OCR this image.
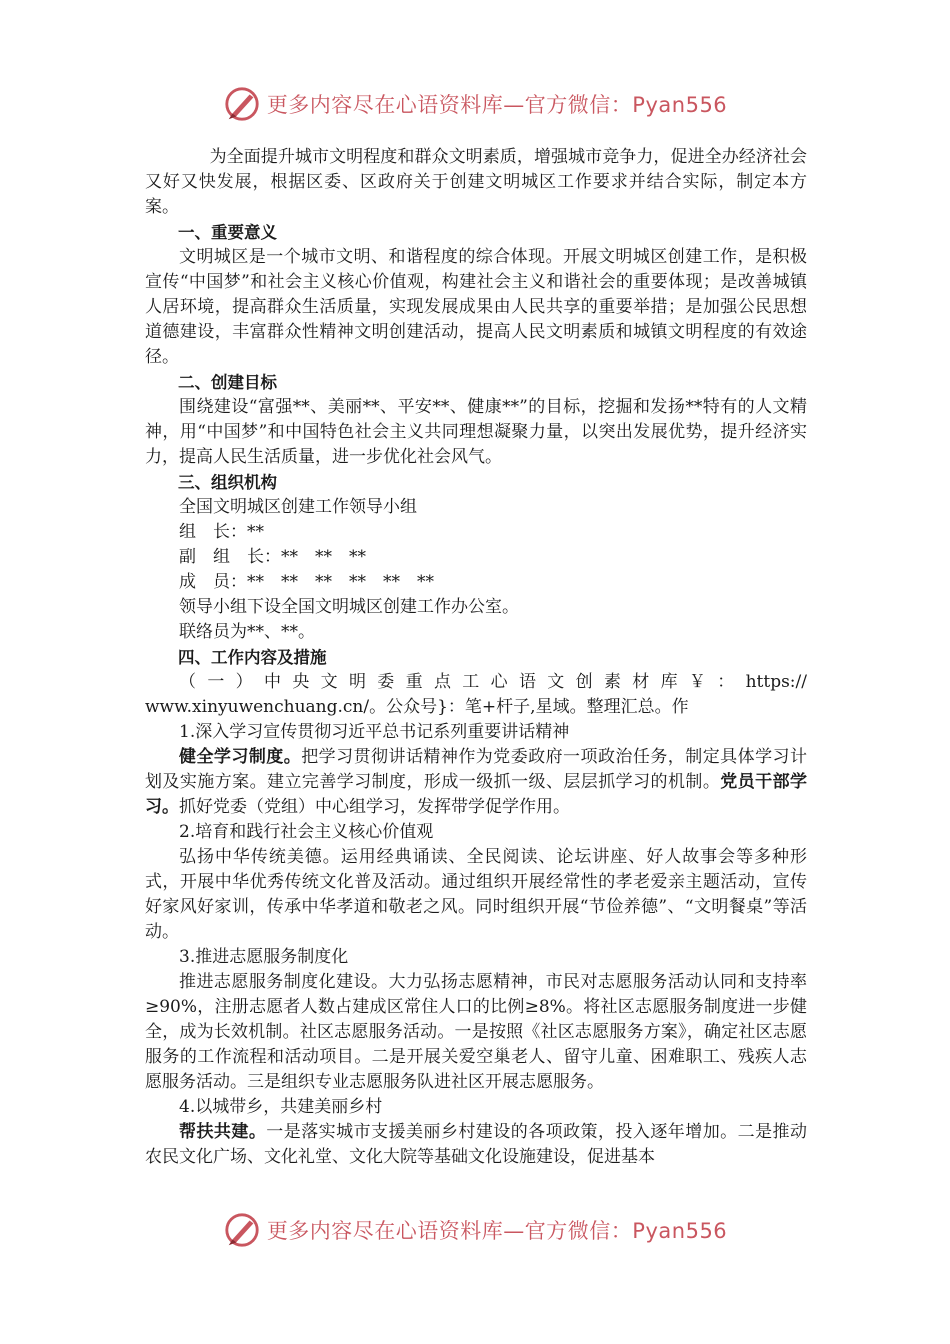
更多内容尽在心语资料库—官方微信：Pyan556

为全面提升城市文明程度和群众文明素质，增强城市竞争力，促进全办经济社会又好又快发展，根据区委、区政府关于创建文明城区工作要求并结合实际，制定本方案。

一、重要意义

文明城区是一个城市文明、和谐程度的综合体现。开展文明城区创建工作，是积极宣传“中国梦”和社会主义核心价值观，构建社会主义和谐社会的重要体现；是改善城镇人居环境，提高群众生活质量，实现发展成果由人民共享的重要举措；是加强公民思想道德建设，丰富群众性精神文明创建活动，提高人民文明素质和城镇文明程度的有效途径。

二、创建目标

围绕建设“富强**、美丽**、平安**、健康**”的目标，挖掘和发扬**特有的人文精神，用“中国梦”和中国特色社会主义共同理想凝聚力量，以突出发展优势，提升经济实力，提高人民生活质量，进一步优化社会风气。

三、组织机构

全国文明城区创建工作领导小组

组　长：**

副　组　长：**　**　**

成　员：**　**　**　**　**　**

领导小组下设全国文明城区创建工作办公室。

联络员为**、**。

四、工作内容及措施

（一）中央文明委重点工心语文创素材库￥：https://

www.xinyuwenchuang.cn/。公众号}：笔+杆子,星域。整理汇总。作

1.深入学习宣传贯彻习近平总书记系列重要讲话精神

健全学习制度。把学习贯彻讲话精神作为党委政府一项政治任务，制定具体学习计划及实施方案。建立完善学习制度，形成一级抓一级、层层抓学习的机制。党员干部学习。抓好党委（党组）中心组学习，发挥带学促学作用。

2.培育和践行社会主义核心价值观

弘扬中华传统美德。运用经典诵读、全民阅读、论坛讲座、好人故事会等多种形式，开展中华优秀传统文化普及活动。通过组织开展经常性的孝老爱亲主题活动，宣传好家风好家训，传承中华孝道和敬老之风。同时组织开展“节俭养德”、“文明餐桌”等活动。

3.推进志愿服务制度化

推进志愿服务制度化建设。大力弘扬志愿精神，市民对志愿服务活动认同和支持率≥90%，注册志愿者人数占建成区常住人口的比例≥8%。将社区志愿服务制度进一步健全，成为长效机制。社区志愿服务活动。一是按照《社区志愿服务方案》，确定社区志愿服务的工作流程和活动项目。二是开展关爱空巢老人、留守儿童、困难职工、残疾人志愿服务活动。三是组织专业志愿服务队进社区开展志愿服务。

4.以城带乡，共建美丽乡村

帮扶共建。一是落实城市支援美丽乡村建设的各项政策，投入逐年增加。二是推动农民文化广场、文化礼堂、文化大院等基础文化设施建设，促进基本

更多内容尽在心语资料库—官方微信：Pyan556
